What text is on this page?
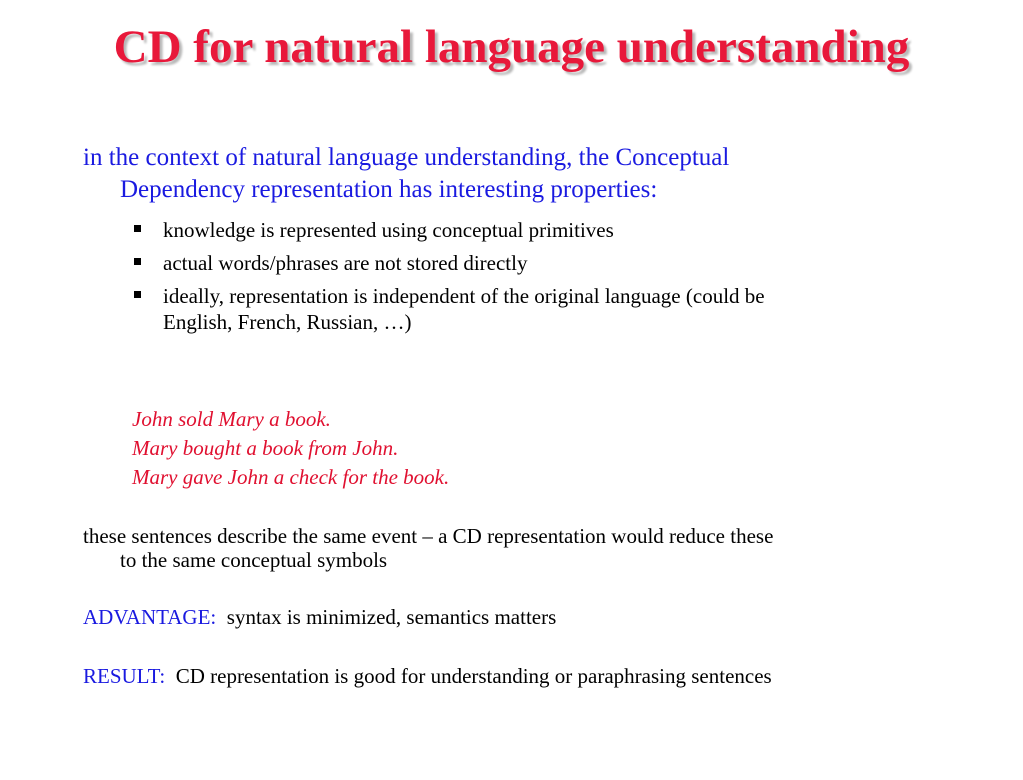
CD for natural language understanding
in the context of natural language understanding, the Conceptual
Dependency representation has interesting properties:
knowledge is represented using conceptual primitives
actual words/phrases are not stored directly
ideally, representation is independent of the original language (could be
English, French, Russian, …)
John sold Mary a book.
Mary bought a book from John.
Mary gave John a check for the book.
these sentences describe the same event – a CD representation would reduce these
to the same conceptual symbols
ADVANTAGE: syntax is minimized, semantics matters
RESULT: CD representation is good for understanding or paraphrasing sentences
